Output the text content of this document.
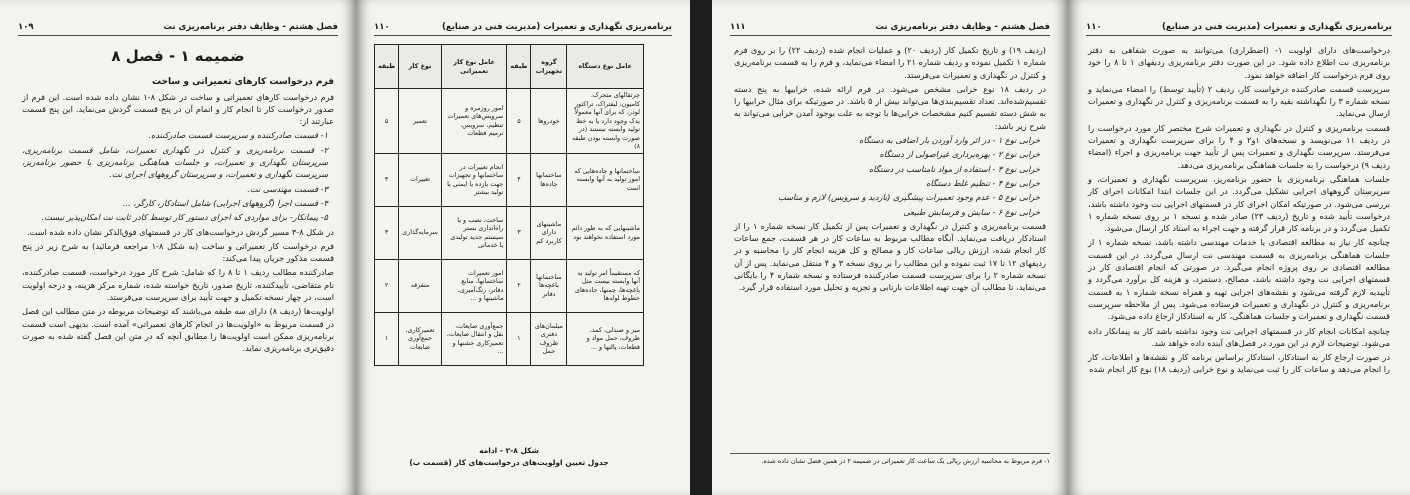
فصل هشتم - وظایف دفتر برنامه‌ریزی نت
۱۰۹
ضمیمه ۱ - فصل ۸
فرم درخواست کارهای تعمیراتی و ساخت

فرم درخواست کارهای تعمیراتی و ساخت در شکل ۸-۱ نشان داده شده است. این فرم از صدور درخواست کار تا انجام کار و اتمام آن در پنج قسمت گردش می‌نماید. این پنج قسمت عبارتند از:

۱- قسمت صادرکننده و سرپرست قسمت صادرکننده.

۲- قسمت برنامه‌ریزی و کنترل در نگهداری تعمیرات، شامل قسمت برنامه‌ریزی، سرپرستان نگهداری و تعمیرات، و جلسات هماهنگی برنامه‌ریزی با حضور برنامه‌ریز، سرپرست نگهداری و تعمیرات، و سرپرستان گروههای اجرای نت.

۳- قسمت مهندسی نت.

۴- قسمت اجرا (گروههای اجرایی) شامل استادکار، کارگر، ...

۵- پیمانکار- برای مواردی که اجرای دستور کار توسط کادر ثابت نت امکان‌پذیر نیست.

در شکل ۸-۳ مسیر گردش درخواست‌های کار در قسمتهای فوق‌الذکر نشان داده شده است.

فرم درخواست کار تعمیراتی و ساخت (به شکل ۸-۱ مراجعه فرمائید) به شرح زیر در پنج قسمت مذکور جریان پیدا می‌کند:

صادرکننده مطالب ردیف ۱ تا ۸ را که شامل: شرح کار مورد درخواست، قسمت صادرکننده، نام متقاضی، تأییدکننده، تاریخ صدور، تاریخ خواسته شده، شماره مرکز هزینه، و درجه اولویت است، در چهار نسخه تکمیل و جهت تأیید برای سرپرست می‌فرستد.

اولویت‌ها (ردیف ۸) دارای سه طبقه می‌باشند که توضیحات مربوطه در متن مطالب این فصل در قسمت مربوط به «اولویت‌ها در انجام کارهای تعمیراتی» آمده است. بدیهی است قسمت برنامه‌ریزی ممکن است اولویت‌ها را مطابق آنچه که در متن این فصل گفته شده به صورت دقیق‌تری برنامه‌ریزی نماید.

برنامه‌ریزی نگهداری و تعمیرات (مدیریت فنی در صنایع)
۱۱۰
عامل نوع دستگاه	گروه تجهیزات	طبقه	عامل نوع کار تعمیراتی	نوع کار	طبقه
چرثقالهای متحرک، کامیون، لیفتراک، تراکتور لودر، که برای آنها معمولاً یدک وجود دارد یا به خط تولید وابسته نیستند (در صورت وابسته بودن طبقه ۸)	خودروها	۵	امور روزمره و سرویس‌های تعمیرات تنظیم، سرویس، ترمیم قطعات	تعمیر	۵
ساختمانها و جاده‌هایی که امور تولید به آنها وابسته است	ساختمانها جاده‌ها	۴	انجام تغییرات در ساختمانها و تجهیزات جهت بازده یا ایمنی یا تولید بیشتر	تغییرات	۴
ماشینهایی که به طور دائم مورد استفاده نخواهند بود	ماشینهای دارای کاربرد کم	۳	ساخت، نصب و یا راه‌اندازی بستر سیستم جدید تولیدی یا خدماتی	سرمایه‌گذاری	۳
که مستقیماً امر تولید به آنها وابسته نیست مثل باغچه‌ها، چمنها، جاده‌های خطوط لوله‌ها	ساختمانها باغچه‌ها دفاتر	۲	امور تعمیرات ساختمانها، منابع دفاتر، رنگ‌آمیزی، ماشینها و ...	متفرقه	۲
میز و صندلی، کمد، ظروف، حمل مواد و قطعات، پالتها و ...	مبلمان‌های دفتری ظروف حمل	۱	جمع‌آوری ضایعات، نقل و انتقال ضایعات، تعمیرکاری جشنها و ...	تعمیرکاری، جمع‌آوری ضایعات	۱
شکل ۸-۲ - ادامه
جدول تعیین اولویت‌های درخواست‌های کار (قسمت ب)
فصل هشتم - وظایف دفتر برنامه‌ریزی نت
۱۱۱

(ردیف ۱۹) و تاریخ تکمیل کار (ردیف ۲۰) و عملیات انجام شده (ردیف ۲۲) را بر روی فرم شماره ۱ تکمیل نموده و ردیف شماره ۲۱ را امضاء می‌نماید، و فرم را به قسمت برنامه‌ریزی و کنترل در نگهداری و تعمیرات می‌فرستد.

در ردیف ۱۸ نوع خرابی مشخص می‌شود. در فرم ارائه شده، خرابیها به پنج دسته تقسیم‌شده‌اند. تعداد تقسیم‌بندی‌ها می‌تواند بیش از ۵ باشد. در صورتیکه برای مثال خرابیها را به شش دسته تقسیم کنیم مشخصات خرابی‌ها با توجه به علت بوجود آمدن خرابی می‌تواند به شرح زیر باشد:

خرابی نوع ۱ - در اثر وارد آوردن بار اضافی به دستگاه

خرابی نوع ۲ - بهره‌برداری غیراصولی از دستگاه

خرابی نوع ۳ - استفاده از مواد نامناسب در دستگاه

خرابی نوع ۴ - تنظیم غلط دستگاه

خرابی نوع ۵ - عدم وجود تعمیرات پیشگیری (بازدید و سرویس) لازم و مناسب

خرابی نوع ۶ - سایش و فرسایش طبیعی

قسمت برنامه‌ریزی و کنترل در نگهداری و تعمیرات پس از تکمیل کار نسخه شماره ۱ را از استادکار دریافت می‌نماید. آنگاه مطالب مربوط به ساعات کار در هر قسمت، جمع ساعات کار انجام شده، ارزش ریالی ساعات کار و مصالح و کل هزینه انجام کار را محاسبه و در ردیفهای ۱۲ تا ۱۷ ثبت نموده و این مطالب را بر روی نسخه ۳ و ۴ منتقل می‌نماید. پس از آن نسخه شماره ۲ را برای سرپرست قسمت صادرکننده فرستاده و نسخه شماره ۴ را بایگانی می‌نماید، تا مطالب آن جهت تهیه اطلاعات بازتابی و تجزیه و تحلیل مورد استفاده قرار گیرد.

۱- فرم مربوط به محاسبه ارزش ریالی یک ساعت کار تعمیراتی در ضمیمه ۲ در همین فصل نشان داده شده.
برنامه‌ریزی نگهداری و تعمیرات (مدیریت فنی در صنایع)
۱۱۰

درخواست‌های دارای اولویت ۱- (اضطراری) می‌توانند به صورت شفاهی به دفتر برنامه‌ریزی نت اطلاع داده شود. در این صورت دفتر برنامه‌ریزی ردیفهای ۱ تا ۸ را خود روی فرم درخواست کار اضافه خواهد نمود.

سرپرست قسمت صادرکننده درخواست کار، ردیف ۲ (تأیید توسط) را امضاء می‌نماید و نسخه شماره ۳ را نگهداشته بقیه را به قسمت برنامه‌ریزی و کنترل در نگهداری و تعمیرات ارسال می‌نماید.

قسمت برنامه‌ریزی و کنترل در نگهداری و تعمیرات شرح مختصر کار مورد درخواست را در ردیف ۱۱ می‌نویسد و نسخه‌های ۱و۲ و ۴ را برای سرپرست نگهداری و تعمیرات می‌فرستد. سرپرست نگهداری و تعمیرات پس از تأیید جهت برنامه‌ریزی و اجراء (امضاء ردیف ۹) درخواست را به جلسات هماهنگی برنامه‌ریزی می‌دهد.

جلسات هماهنگی برنامه‌ریزی با حضور برنامه‌ریز، سرپرست نگهداری و تعمیرات، و سرپرستان گروههای اجرایی تشکیل می‌گردد. در این جلسات ابتدا امکانات اجرای کار بررسی می‌شود. در صورتیکه امکان اجرای کار در قسمتهای اجرایی نت وجود داشته باشد، درخواست تأیید شده و تاریخ (ردیف ۲۳) صادر شده و نسخه ۱ بر روی نسخه شماره ۱ تکمیل می‌گردد و در برنامه کار قرار گرفته و جهت اجراء به استاد کار ارسال می‌شود.

چنانچه کار نیاز به مطالعه اقتصادی یا خدمات مهندسی داشته باشد، نسخه شماره ۱ از جلسات هماهنگی برنامه‌ریزی به قسمت مهندسی نت ارسال می‌گردد. در این قسمت مطالعه اقتصادی بر روی پروژه انجام می‌گیرد. در صورتی که انجام اقتصادی کار در قسمتهای اجرایی نت وجود داشته باشد، مصالح، دستمزد، و هزینه کل برآورد می‌گردد و تأییدیه لازم گرفته می‌شود و نقشه‌های اجرایی تهیه و همراه نسخه شماره ۱ به قسمت برنامه‌ریزی و کنترل در نگهداری و تعمیرات فرستاده می‌شود. پس از ملاحظه سرپرست قسمت نگهداری و تعمیرات و جلسات هماهنگی، کار به استادکار ارجاع داده می‌شود.

چنانچه امکانات انجام کار در قسمتهای اجرایی نت وجود نداشته باشد کار به پیمانکار داده می‌شود. توضیحات لازم در این مورد در فصل‌های آینده داده خواهد شد.

در صورت ارجاع کار به استادکار، استادکار براساس برنامه کار و نقشه‌ها و اطلاعات، کار را انجام می‌دهد و ساعات کار را ثبت می‌نماید و نوع خرابی (ردیف ۱۸) نوع کار انجام شده
